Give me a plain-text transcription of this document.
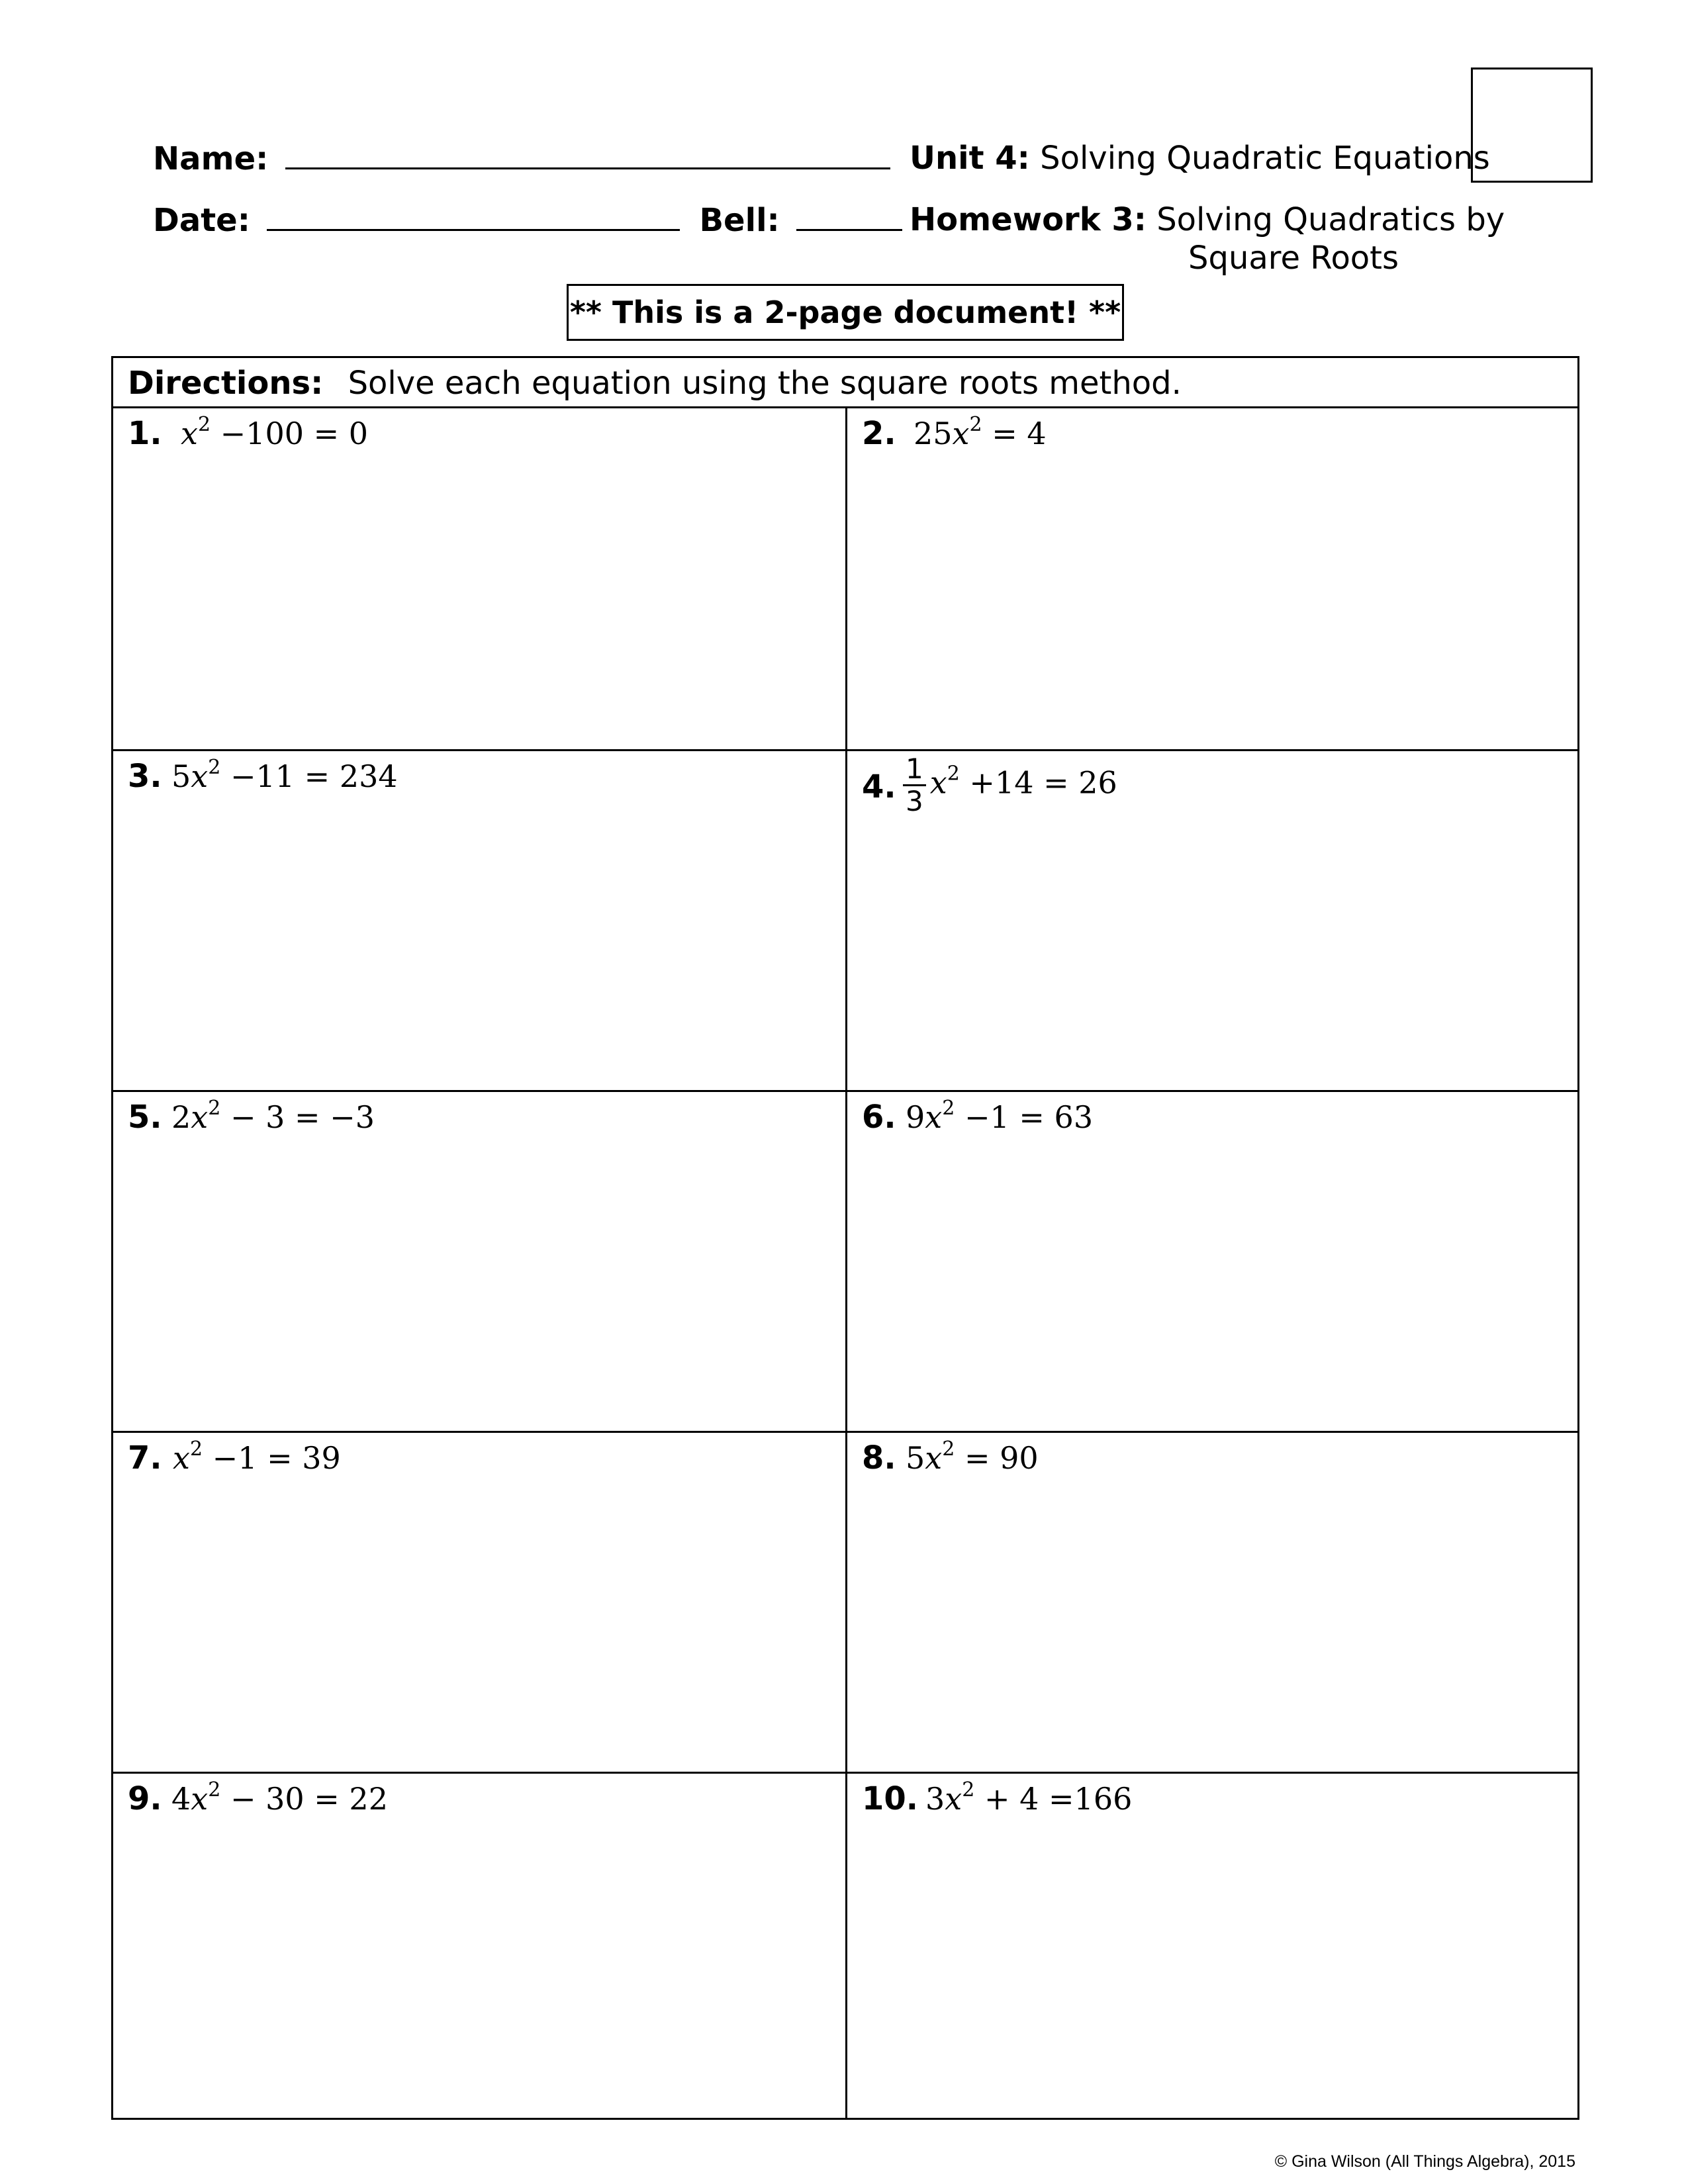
Name:
Date:	Bell:
Unit 4: Solving Quadratic Equations
Homework 3: Solving Quadratics by
Square Roots
** This is a 2-page document! **
Directions: Solve each equation using the square roots method.
1. $x^2 -100 = 0$	2. $25x^2 = 4$
3. $5x^2 -11 = 234$	4. $\frac{1}{3} x^2 +14 = 26$
5. $2x^2 - 3 = -3$	6. $9x^2 -1 = 63$
7. $x^2 -1 = 39$	8. $5x^2 = 90$
9. $4x^2 - 30 = 22$	10. $3x^2 + 4 =166$
© Gina Wilson (All Things Algebra), 2015
